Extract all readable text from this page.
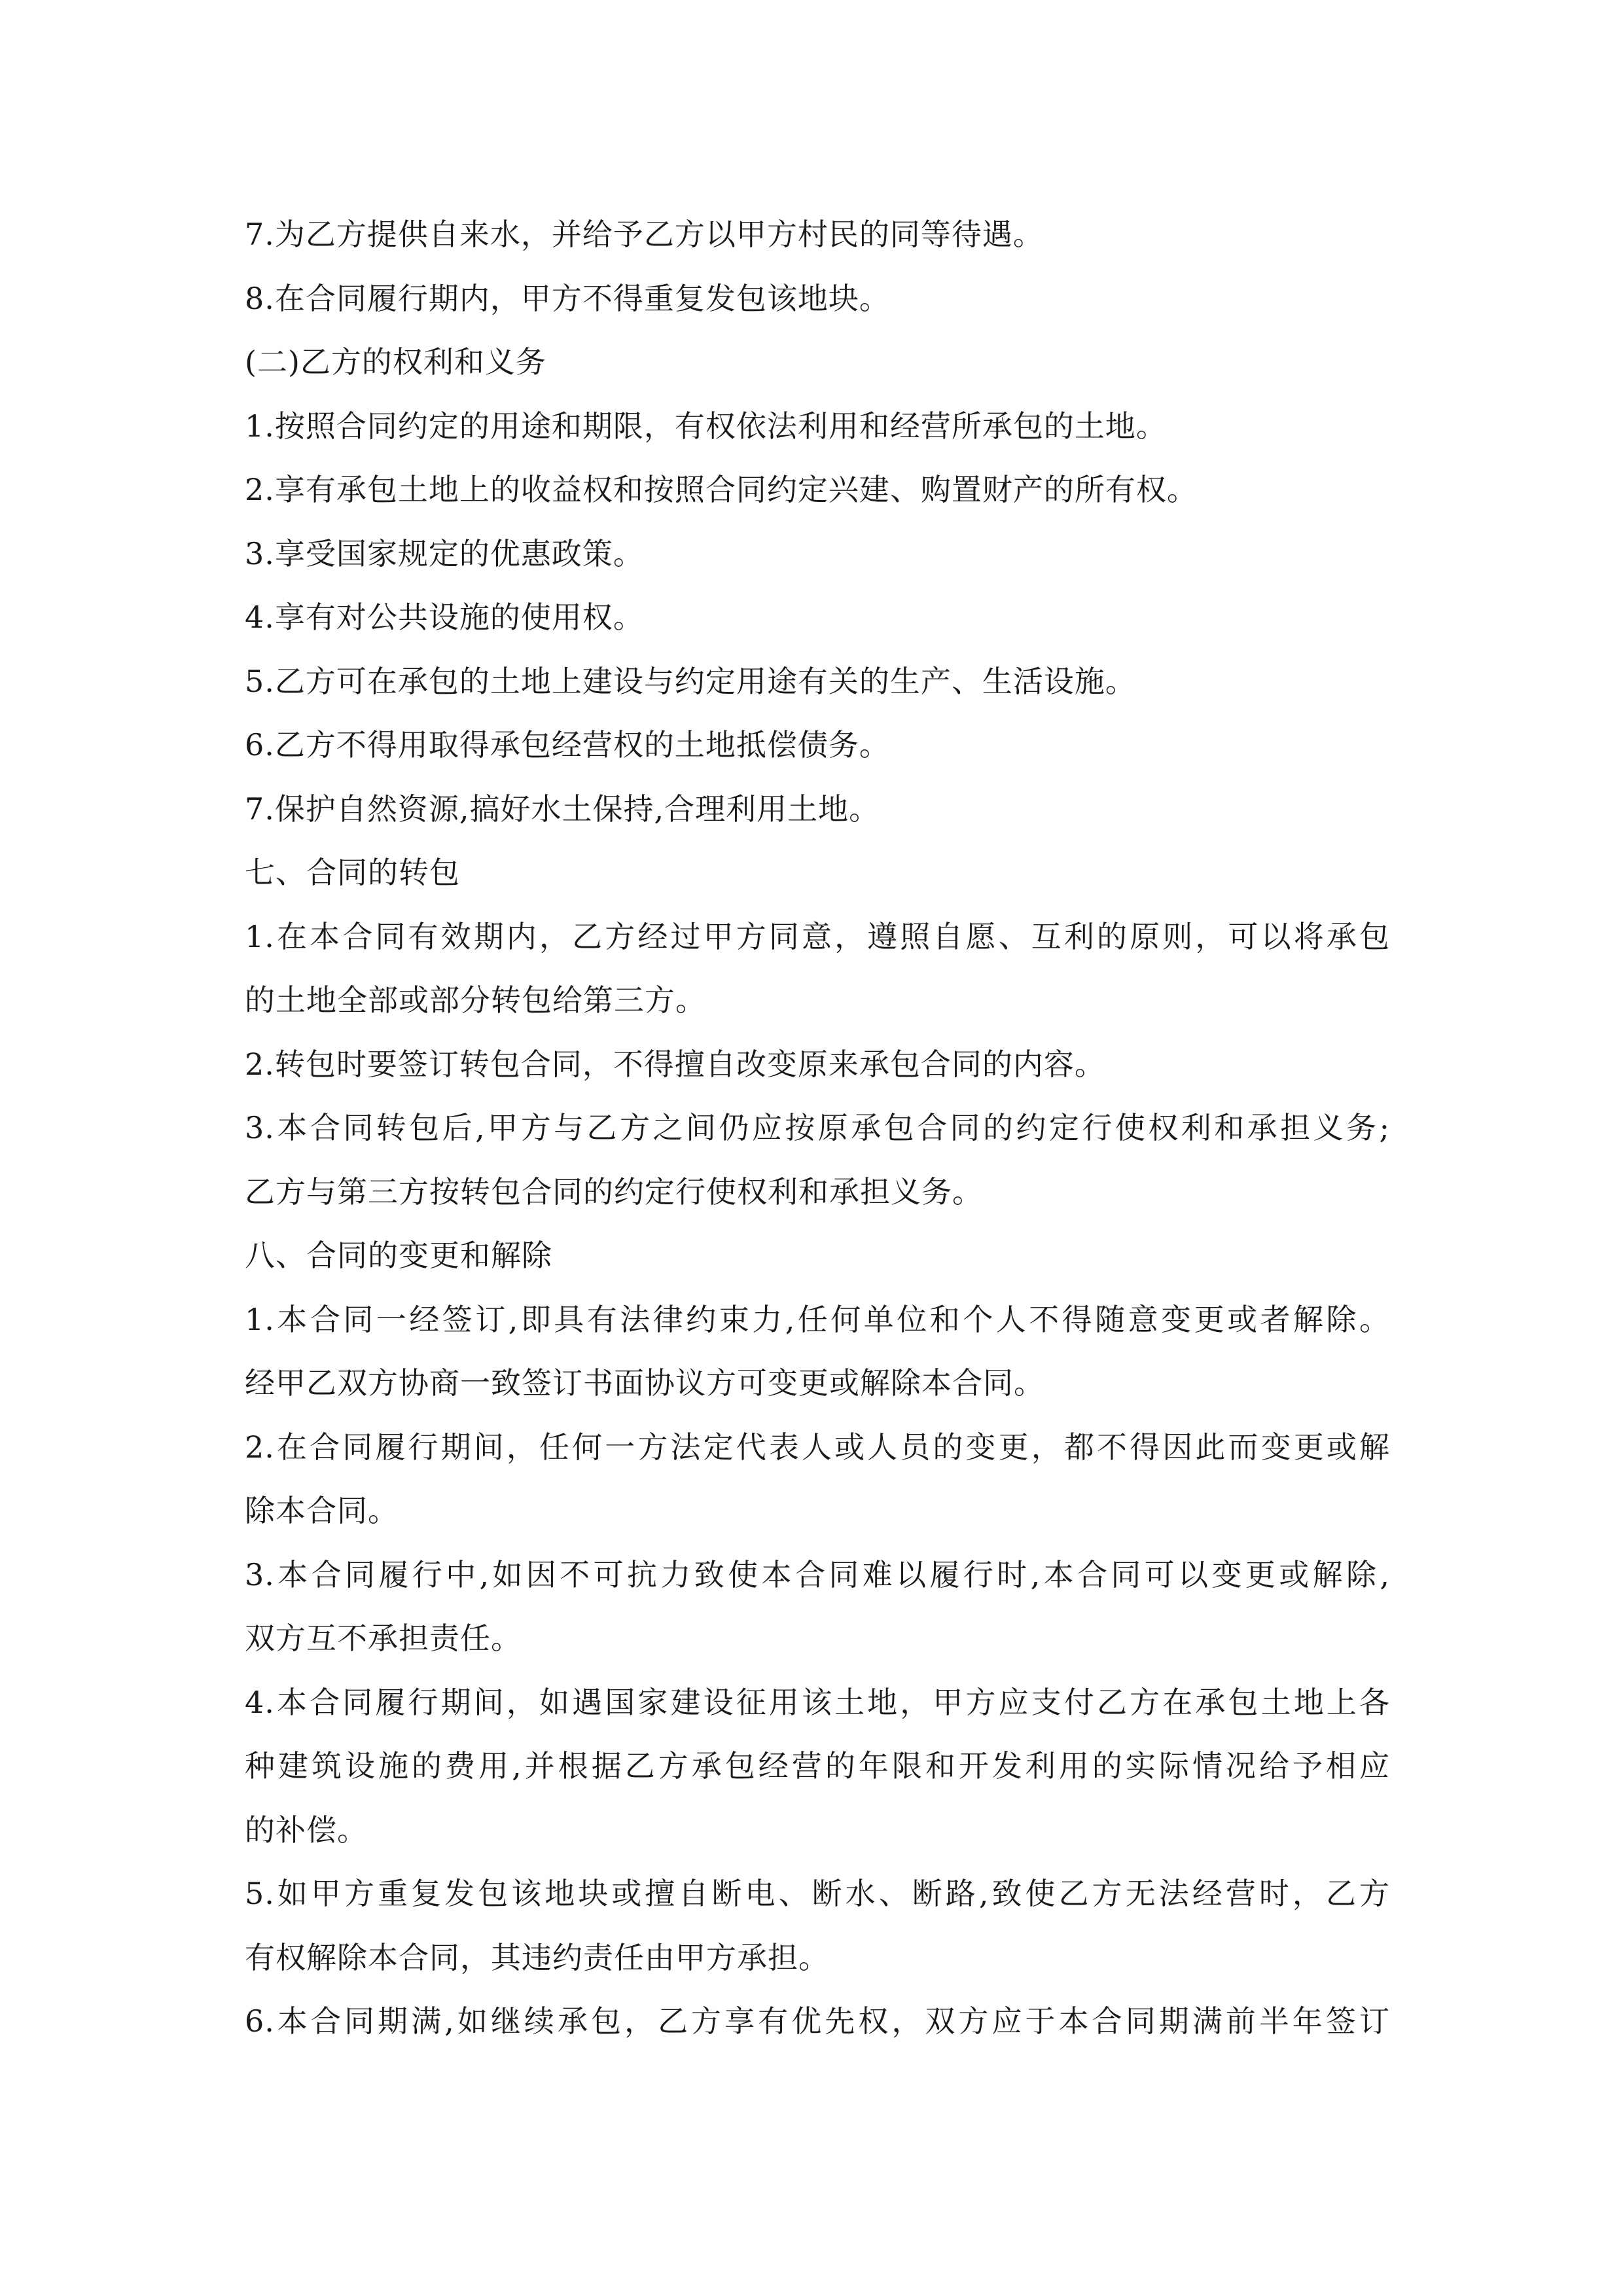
7.为乙方提供自来水，并给予乙方以甲方村民的同等待遇。
8.在合同履行期内，甲方不得重复发包该地块。
(二)乙方的权利和义务
1.按照合同约定的用途和期限，有权依法利用和经营所承包的土地。
2.享有承包土地上的收益权和按照合同约定兴建、购置财产的所有权。
3.享受国家规定的优惠政策。
4.享有对公共设施的使用权。
5.乙方可在承包的土地上建设与约定用途有关的生产、生活设施。
6.乙方不得用取得承包经营权的土地抵偿债务。
7.保护自然资源,搞好水土保持,合理利用土地。
七、合同的转包
1.在本合同有效期内，乙方经过甲方同意，遵照自愿、互利的原则，可以将承包
的土地全部或部分转包给第三方。
2.转包时要签订转包合同，不得擅自改变原来承包合同的内容。
3.本合同转包后,甲方与乙方之间仍应按原承包合同的约定行使权利和承担义务;
乙方与第三方按转包合同的约定行使权利和承担义务。
八、合同的变更和解除
1.本合同一经签订,即具有法律约束力,任何单位和个人不得随意变更或者解除。
经甲乙双方协商一致签订书面协议方可变更或解除本合同。
2.在合同履行期间，任何一方法定代表人或人员的变更，都不得因此而变更或解
除本合同。
3.本合同履行中,如因不可抗力致使本合同难以履行时,本合同可以变更或解除,
双方互不承担责任。
4.本合同履行期间，如遇国家建设征用该土地，甲方应支付乙方在承包土地上各
种建筑设施的费用,并根据乙方承包经营的年限和开发利用的实际情况给予相应
的补偿。
5.如甲方重复发包该地块或擅自断电、断水、断路,致使乙方无法经营时，乙方
有权解除本合同，其违约责任由甲方承担。
6.本合同期满,如继续承包，乙方享有优先权，双方应于本合同期满前半年签订
